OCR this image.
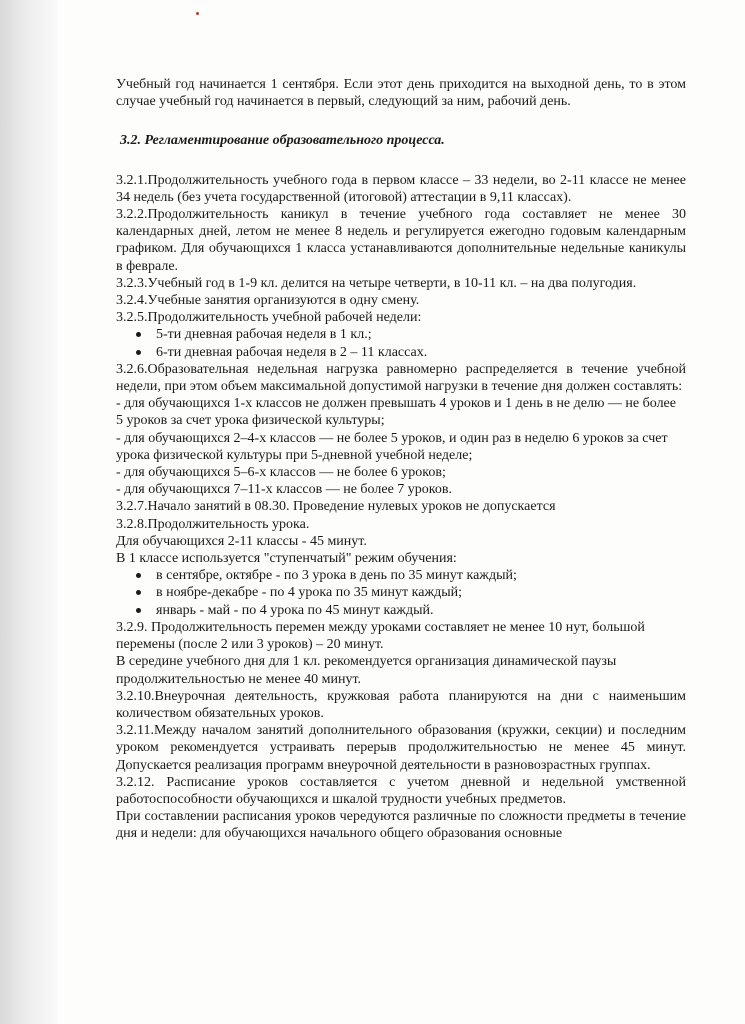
Учебный год начинается 1 сентября. Если этот день приходится на выходной день, то в этом случае учебный год начинается в первый, следующий за ним, рабочий день.

3.2. Регламентирование образовательного процесса.

3.2.1.Продолжительность учебного года в первом классе – 33 недели, во 2-11 классе не менее 34 недель (без учета государственной (итоговой) аттестации в 9,11 классах).

3.2.2.Продолжительность каникул в течение учебного года составляет не менее 30 календарных дней, летом не менее 8 недель и регулируется ежегодно годовым календарным графиком. Для обучающихся 1 класса устанавливаются дополнительные недельные каникулы в феврале.

3.2.3.Учебный год в 1-9 кл. делится на четыре четверти, в 10-11 кл. – на два полугодия.

3.2.4.Учебные занятия организуются в одну смену.

3.2.5.Продолжительность учебной рабочей недели:

5-ти дневная рабочая неделя в 1 кл.;
6-ти дневная рабочая неделя в 2 – 11 классах.

3.2.6.Образовательная недельная нагрузка равномерно распределяется в течение учебной недели, при этом объем максимальной допустимой нагрузки в течение дня должен составлять:

- для обучающихся 1-х классов не должен превышать 4 уроков и 1 день в не делю — не более 5 уроков за счет урока физической культуры;

- для обучающихся 2–4-х классов — не более 5 уроков, и один раз в неделю 6 уроков за счет урока физической культуры при 5-дневной учебной неделе;

- для обучающихся 5–6-х классов — не более 6 уроков;

- для обучающихся 7–11-х классов — не более 7 уроков.

3.2.7.Начало занятий в 08.30. Проведение нулевых уроков не допускается

3.2.8.Продолжительность урока.

Для обучающихся 2-11 классы - 45 минут.

В 1 классе используется "ступенчатый" режим обучения:

в сентябре, октябре - по 3 урока в день по 35 минут каждый;
в ноябре-декабре - по 4 урока по 35 минут каждый;
январь - май - по 4 урока по 45 минут каждый.

3.2.9. Продолжительность перемен между уроками составляет не менее 10 нут, большой перемены (после 2 или 3 уроков) – 20 минут.

В середине учебного дня для 1 кл. рекомендуется организация динамической паузы продолжительностью не менее 40 минут.

3.2.10.Внеурочная деятельность, кружковая работа планируются на дни с наименьшим количеством обязательных уроков.

3.2.11.Между началом занятий дополнительного образования (кружки, секции) и последним уроком рекомендуется устраивать перерыв продолжительностью не менее 45 минут. Допускается реализация программ внеурочной деятельности в разновозрастных группах.

3.2.12. Расписание уроков составляется с учетом дневной и недельной умственной работоспособности обучающихся и шкалой трудности учебных предметов.

При составлении расписания уроков чередуются различные по сложности предметы в течение дня и недели: для обучающихся начального общего образования основные
